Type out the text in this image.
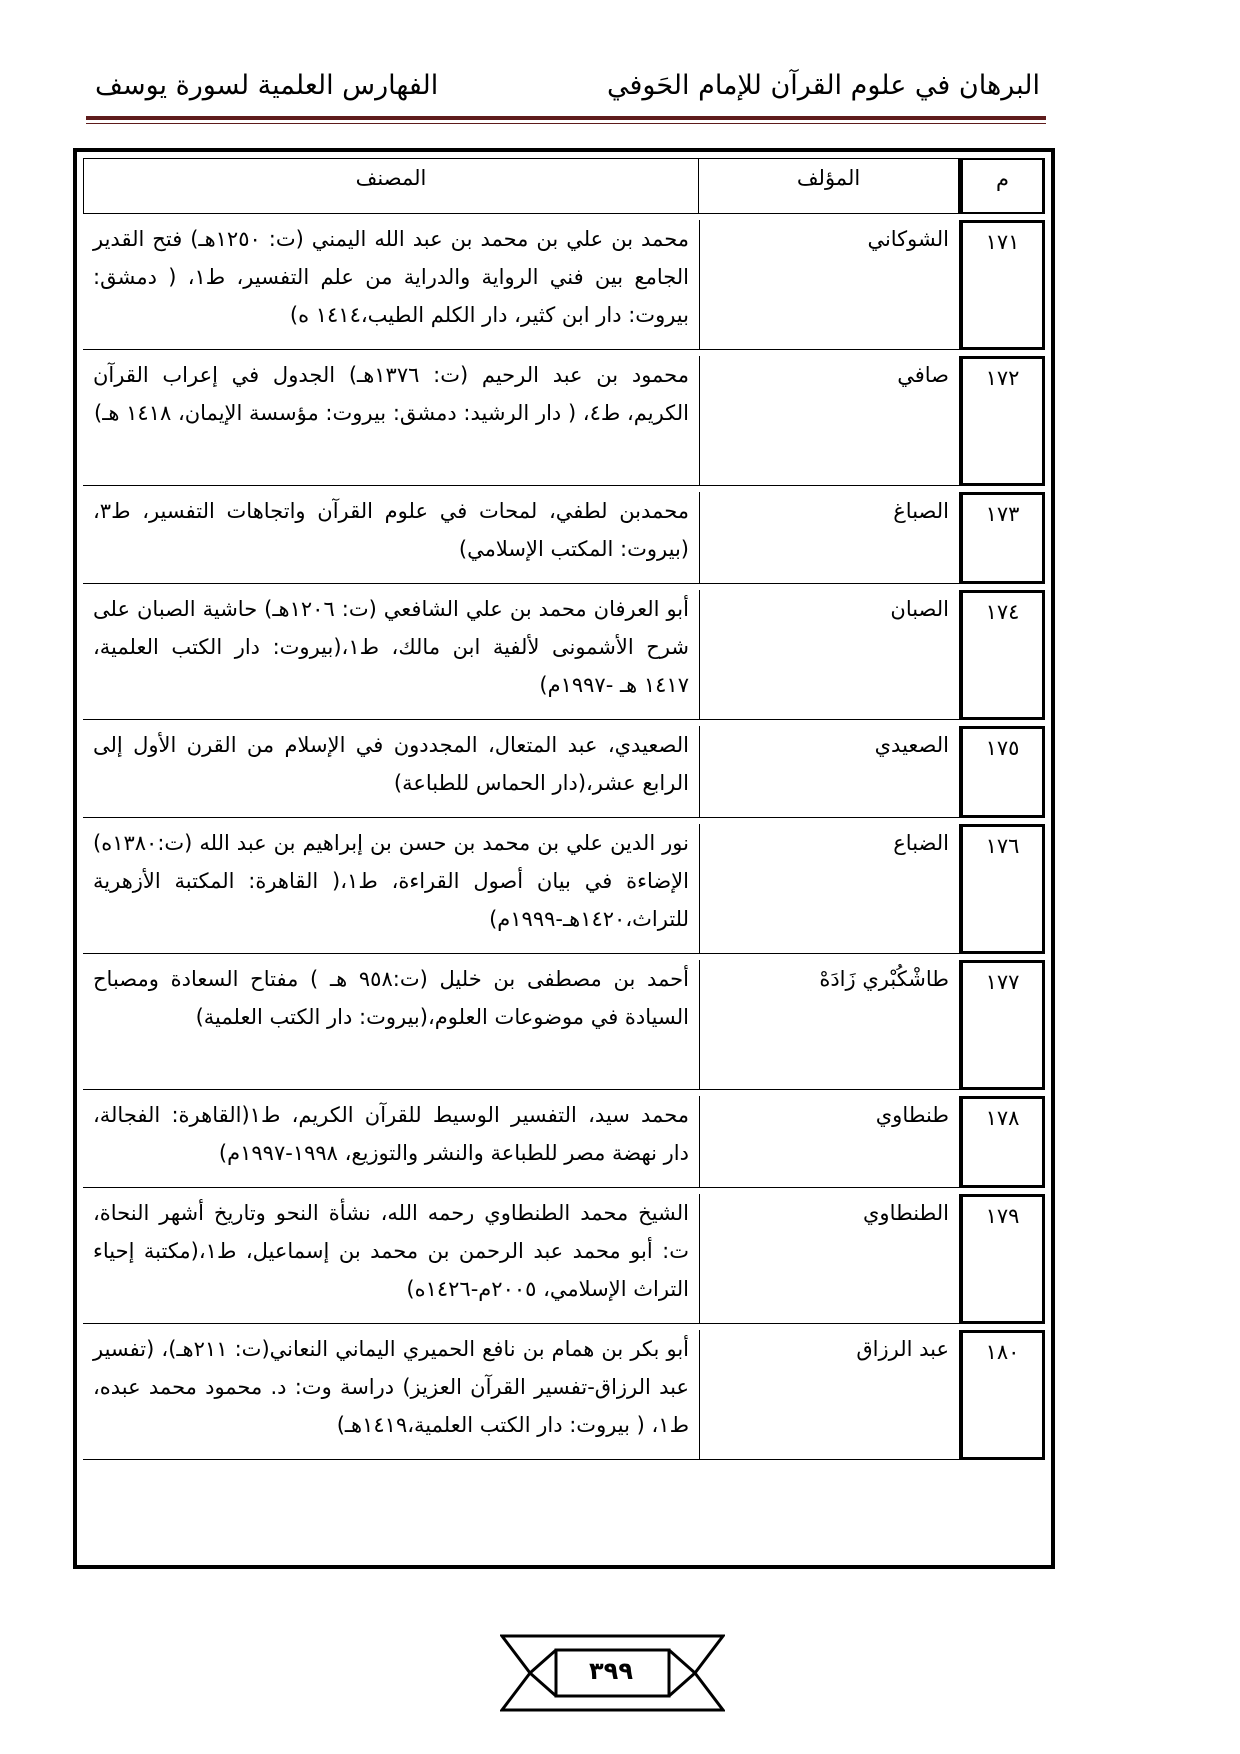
البرهان في علوم القرآن للإمام الحَوفي
الفهارس العلمية لسورة يوسف
م	المؤلف	المصنف

١٧١	الشوكاني	محمد بن علي بن محمد بن عبد الله اليمني (ت: ١٢٥٠هـ) فتح القدير الجامع بين فني الرواية والدراية من علم التفسير، ط١، ( دمشق: بيروت: دار ابن كثير، دار الكلم الطيب،١٤١٤ ه)

١٧٢	صافي	محمود بن عبد الرحيم (ت: ١٣٧٦هـ) الجدول في إعراب القرآن الكريم، ط٤، ( دار الرشيد: دمشق: بيروت: مؤسسة الإيمان، ١٤١٨ هـ)

١٧٣	الصباغ	محمدبن لطفي، لمحات في علوم القرآن واتجاهات التفسير، ط٣،(بيروت: المكتب الإسلامي)

١٧٤	الصبان	أبو العرفان محمد بن علي الشافعي (ت: ١٢٠٦هـ) حاشية الصبان على شرح الأشمونى لألفية ابن مالك، ط١،(بيروت: دار الكتب العلمية، ١٤١٧ هـ -١٩٩٧م)

١٧٥	الصعيدي	الصعيدي، عبد المتعال، المجددون في الإسلام من القرن الأول إلى الرابع عشر،(دار الحماس للطباعة)

١٧٦	الضباع	نور الدين علي بن محمد بن حسن بن إبراهيم بن عبد الله (ت:١٣٨٠ه) الإضاءة في بيان أصول القراءة، ط١،( القاهرة: المكتبة الأزهرية للتراث،١٤٢٠هـ-١٩٩٩م)

١٧٧	طاشْكُبْري زَادَهْ	أحمد بن مصطفى بن خليل (ت:٩٥٨ هـ ) مفتاح السعادة ومصباح السيادة في موضوعات العلوم،(بيروت: دار الكتب العلمية)

١٧٨	طنطاوي	محمد سيد، التفسير الوسيط للقرآن الكريم، ط١(القاهرة: الفجالة، دار نهضة مصر للطباعة والنشر والتوزيع، ١٩٩٨-١٩٩٧م)

١٧٩	الطنطاوي	الشيخ محمد الطنطاوي رحمه الله، نشأة النحو وتاريخ أشهر النحاة، ت: أبو محمد عبد الرحمن بن محمد بن إسماعيل، ط١،(مكتبة إحياء التراث الإسلامي، ٢٠٠٥م-١٤٢٦ه)

١٨٠	عبد الرزاق	أبو بكر بن همام بن نافع الحميري اليماني النعاني(ت: ٢١١هـ)، (تفسير عبد الرزاق-تفسير القرآن العزيز) دراسة وت: د. محمود محمد عبده، ط١، ( بيروت: دار الكتب العلمية،١٤١٩هـ)
٣٩٩
